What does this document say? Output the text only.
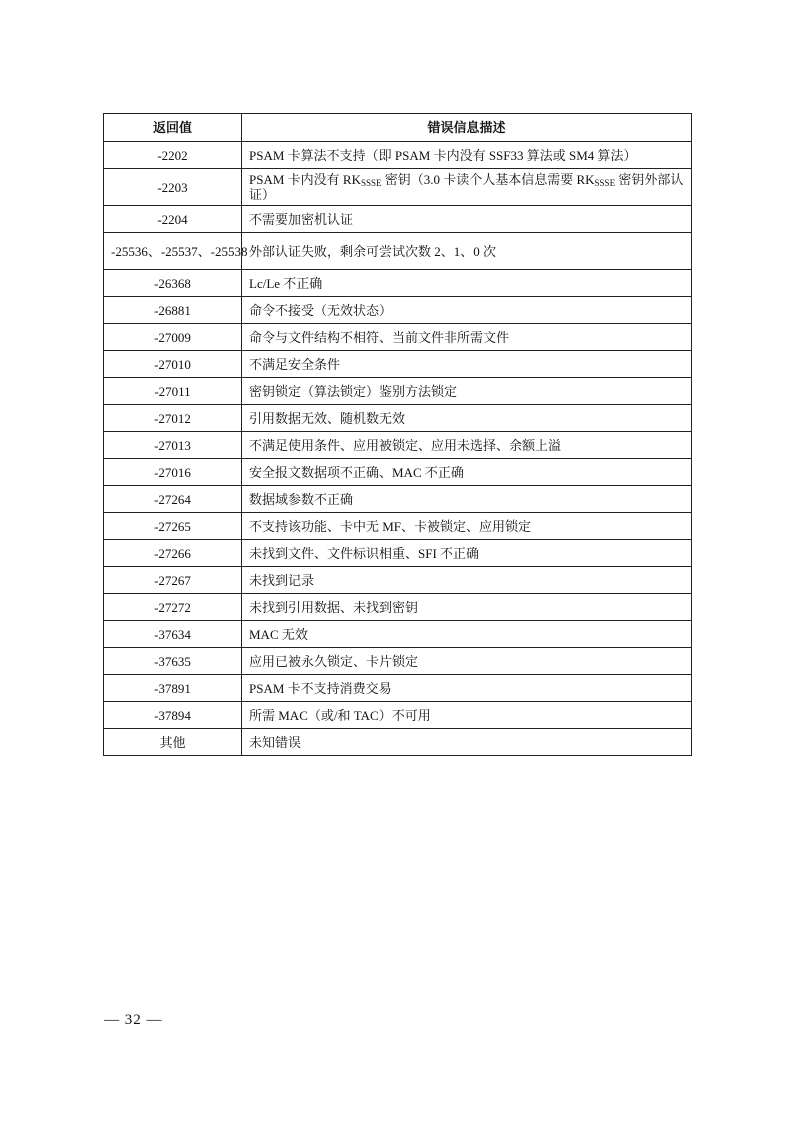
返回值	错误信息描述
-2202	PSAM 卡算法不支持（即 PSAM 卡内没有 SSF33 算法或 SM4 算法）
-2203	PSAM 卡内没有 $RK_{SSSE}$ 密钥（3.0 卡读个人基本信息需要 $RK_{SSSE}$ 密钥外部认证）
-2204	不需要加密机认证
-25536、-25537、-25538	外部认证失败，剩余可尝试次数 2、1、0 次
-26368	Lc/Le 不正确
-26881	命令不接受（无效状态）
-27009	命令与文件结构不相符、当前文件非所需文件
-27010	不满足安全条件
-27011	密钥锁定（算法锁定）鉴别方法锁定
-27012	引用数据无效、随机数无效
-27013	不满足使用条件、应用被锁定、应用未选择、余额上溢
-27016	安全报文数据项不正确、MAC 不正确
-27264	数据域参数不正确
-27265	不支持该功能、卡中无 MF、卡被锁定、应用锁定
-27266	未找到文件、文件标识相重、SFI 不正确
-27267	未找到记录
-27272	未找到引用数据、未找到密钥
-37634	MAC 无效
-37635	应用已被永久锁定、卡片锁定
-37891	PSAM 卡不支持消费交易
-37894	所需 MAC（或/和 TAC）不可用
其他	未知错误
— 32 —
